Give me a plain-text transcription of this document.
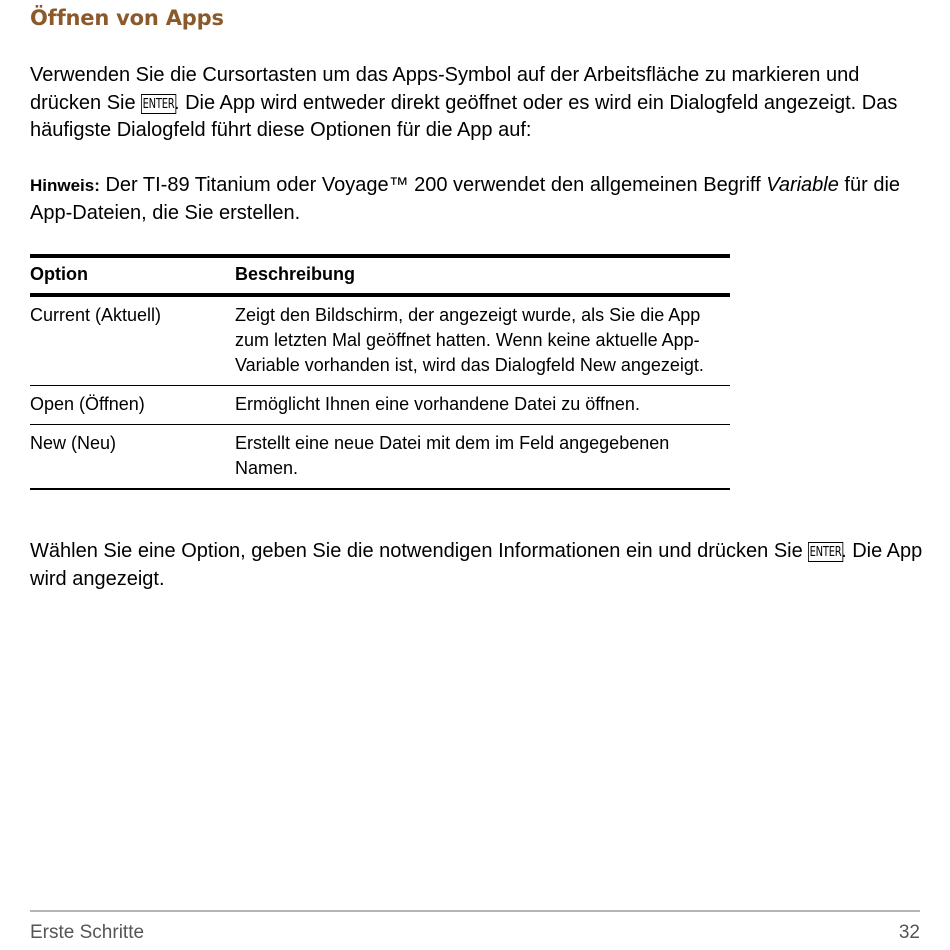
Öffnen von Apps

Verwenden Sie die Cursortasten um das Apps-Symbol auf der Arbeitsfläche zu markieren und drücken Sie ENTER. Die App wird entweder direkt geöffnet oder es wird ein Dialogfeld angezeigt. Das häufigste Dialogfeld führt diese Optionen für die App auf:

Hinweis: Der TI-89 Titanium oder Voyage™ 200 verwendet den allgemeinen Begriff Variable für die App-Dateien, die Sie erstellen.

Option	Beschreibung
Current (Aktuell)	Zeigt den Bildschirm, der angezeigt wurde, als Sie die App zum letzten Mal geöffnet hatten. Wenn keine aktuelle App-Variable vorhanden ist, wird das Dialogfeld New angezeigt.
Open (Öffnen)	Ermöglicht Ihnen eine vorhandene Datei zu öffnen.
New (Neu)	Erstellt eine neue Datei mit dem im Feld angegebenen Namen.

Wählen Sie eine Option, geben Sie die notwendigen Informationen ein und drücken Sie ENTER. Die App wird angezeigt.

Erste Schritte	32
